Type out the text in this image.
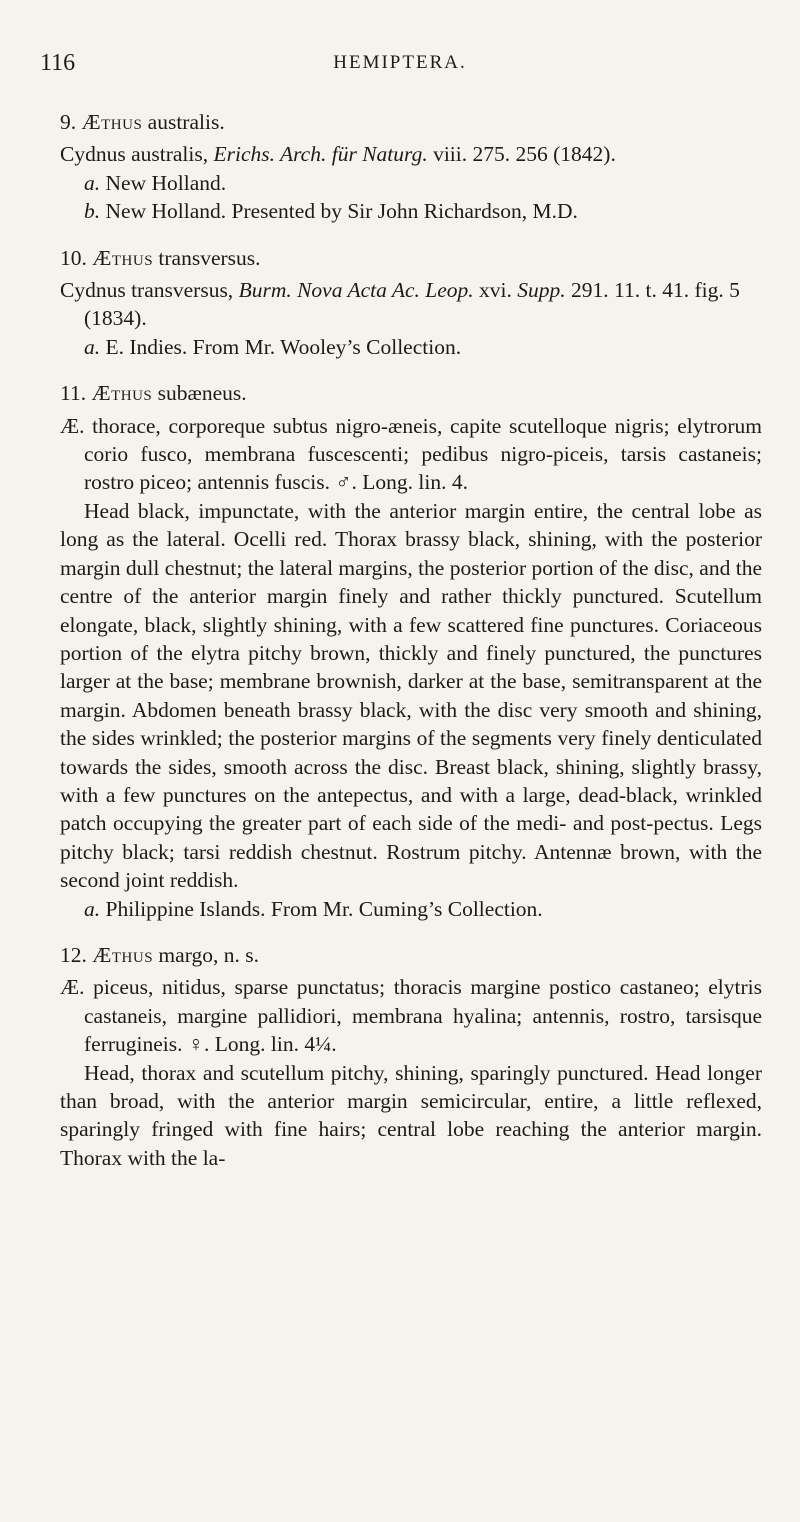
116	HEMIPTERA.

9. Æthus australis.

Cydnus australis, Erichs. Arch. für Naturg. viii. 275. 256 (1842).

a. New Holland.

b. New Holland. Presented by Sir John Richardson, M.D.

10. Æthus transversus.

Cydnus transversus, Burm. Nova Acta Ac. Leop. xvi. Supp. 291. 11. t. 41. fig. 5 (1834).

a. E. Indies. From Mr. Wooley’s Collection.

11. Æthus subæneus.

Æ. thorace, corporeque subtus nigro-æneis, capite scutelloque nigris; elytrorum corio fusco, membrana fuscescenti; pedibus nigro-piceis, tarsis castaneis; rostro piceo; antennis fuscis. ♂. Long. lin. 4.

Head black, impunctate, with the anterior margin entire, the central lobe as long as the lateral. Ocelli red. Thorax brassy black, shining, with the posterior margin dull chestnut; the lateral margins, the posterior portion of the disc, and the centre of the anterior margin finely and rather thickly punctured. Scutellum elongate, black, slightly shining, with a few scattered fine punctures. Coriaceous portion of the elytra pitchy brown, thickly and finely punctured, the punctures larger at the base; membrane brownish, darker at the base, semitransparent at the margin. Abdomen beneath brassy black, with the disc very smooth and shining, the sides wrinkled; the posterior margins of the segments very finely denticulated towards the sides, smooth across the disc. Breast black, shining, slightly brassy, with a few punctures on the antepectus, and with a large, dead-black, wrinkled patch occupying the greater part of each side of the medi- and post-pectus. Legs pitchy black; tarsi reddish chestnut. Rostrum pitchy. Antennæ brown, with the second joint reddish.

a. Philippine Islands. From Mr. Cuming’s Collection.

12. Æthus margo, n. s.

Æ. piceus, nitidus, sparse punctatus; thoracis margine postico castaneo; elytris castaneis, margine pallidiori, membrana hyalina; antennis, rostro, tarsisque ferrugineis. ♀. Long. lin. 4¼.

Head, thorax and scutellum pitchy, shining, sparingly punctured. Head longer than broad, with the anterior margin semicircular, entire, a little reflexed, sparingly fringed with fine hairs; central lobe reaching the anterior margin. Thorax with the la-
